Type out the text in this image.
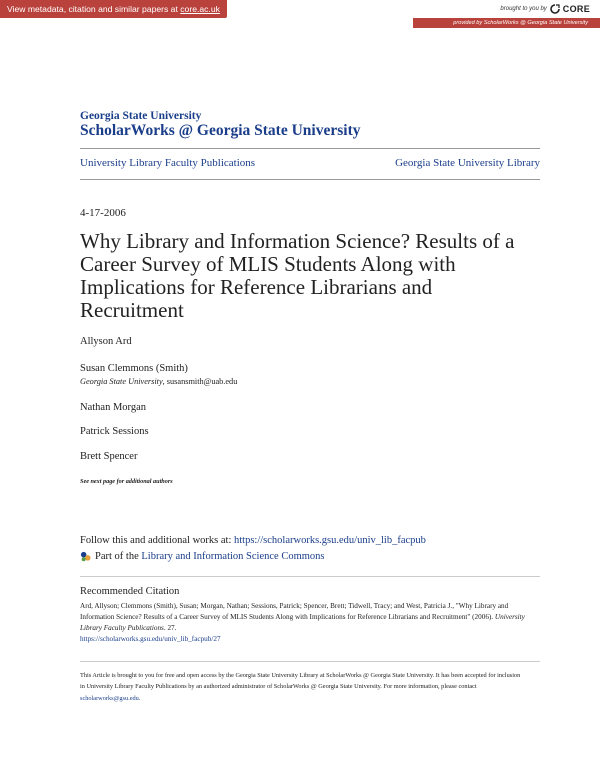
View metadata, citation and similar papers at core.ac.uk	brought to you by CORE
provided by ScholarWorks @ Georgia State University
Georgia State University
ScholarWorks @ Georgia State University
University Library Faculty Publications	Georgia State University Library
4-17-2006
Why Library and Information Science? Results of a Career Survey of MLIS Students Along with Implications for Reference Librarians and Recruitment
Allyson Ard
Susan Clemmons (Smith)
Georgia State University, susansmith@uab.edu
Nathan Morgan
Patrick Sessions
Brett Spencer
See next page for additional authors
Follow this and additional works at: https://scholarworks.gsu.edu/univ_lib_facpub
Part of the Library and Information Science Commons
Recommended Citation
Ard, Allyson; Clemmons (Smith), Susan; Morgan, Nathan; Sessions, Patrick; Spencer, Brett; Tidwell, Tracy; and West, Patricia J., "Why Library and Information Science? Results of a Career Survey of MLIS Students Along with Implications for Reference Librarians and Recruitment" (2006). University Library Faculty Publications. 27.
https://scholarworks.gsu.edu/univ_lib_facpub/27
This Article is brought to you for free and open access by the Georgia State University Library at ScholarWorks @ Georgia State University. It has been accepted for inclusion in University Library Faculty Publications by an authorized administrator of ScholarWorks @ Georgia State University. For more information, please contact scholarworks@gsu.edu.
